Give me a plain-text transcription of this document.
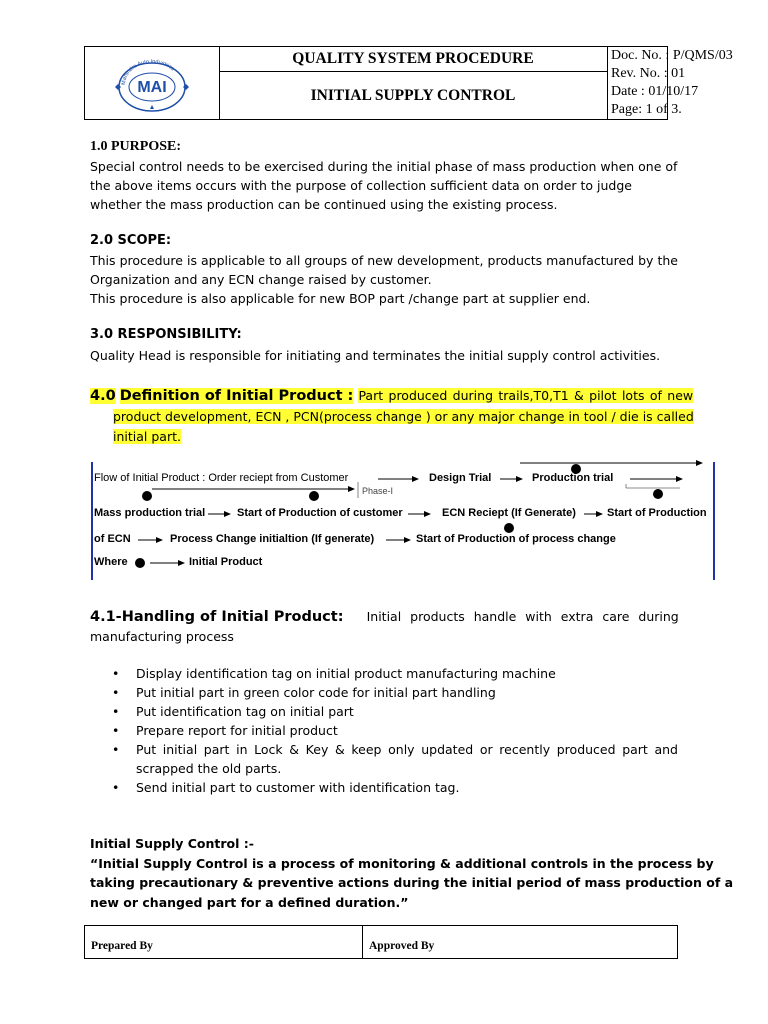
Mahindra Auto Industries
MAI
QUALITY SYSTEM PROCEDURE
INITIAL SUPPLY CONTROL
Doc. No. : P/QMS/03
Rev. No. : 01
Date : 01/10/17
Page: 1 of 3.
1.0 PURPOSE:
Special control needs to be exercised during the initial phase of mass production when one of the above items occurs with the purpose of collection sufficient data on order to judge whether the mass production can be continued using the existing process.
2.0 SCOPE:
This procedure is applicable to all groups of new development, products manufactured by the Organization and any ECN change raised by customer.
This procedure is also applicable for new BOP part /change part at supplier end.
3.0 RESPONSIBILITY:
Quality Head is responsible for initiating and terminates the initial supply control activities.
4.0 Definition of Initial Product : Part produced during trails,T0,T1 & pilot lots of new
product development, ECN , PCN(process change ) or any major change in tool / die is called
initial part.
Flow of Initial Product : Order reciept from Customer	Design Trial	Production trial
Phase-I
Mass production trial	Start of Production of customer	ECN Reciept (If Generate)	Start of Production
of ECN	Process Change initialtion (If generate)	Start of Production of process change
Where	Initial Product
4.1-Handling of Initial Product: Initial products handle with extra care during
manufacturing process
• Display identification tag on initial product manufacturing machine
• Put initial part in green color code for initial part handling
• Put identification tag on initial part
• Prepare report for initial product
• Put initial part in Lock & Key & keep only updated or recently produced part and scrapped the old parts.
• Send initial part to customer with identification tag.
Initial Supply Control :-
“Initial Supply Control is a process of monitoring & additional controls in the process by
taking precautionary & preventive actions during the initial period of mass production of a
new or changed part for a defined duration.”
Prepared By	Approved By
